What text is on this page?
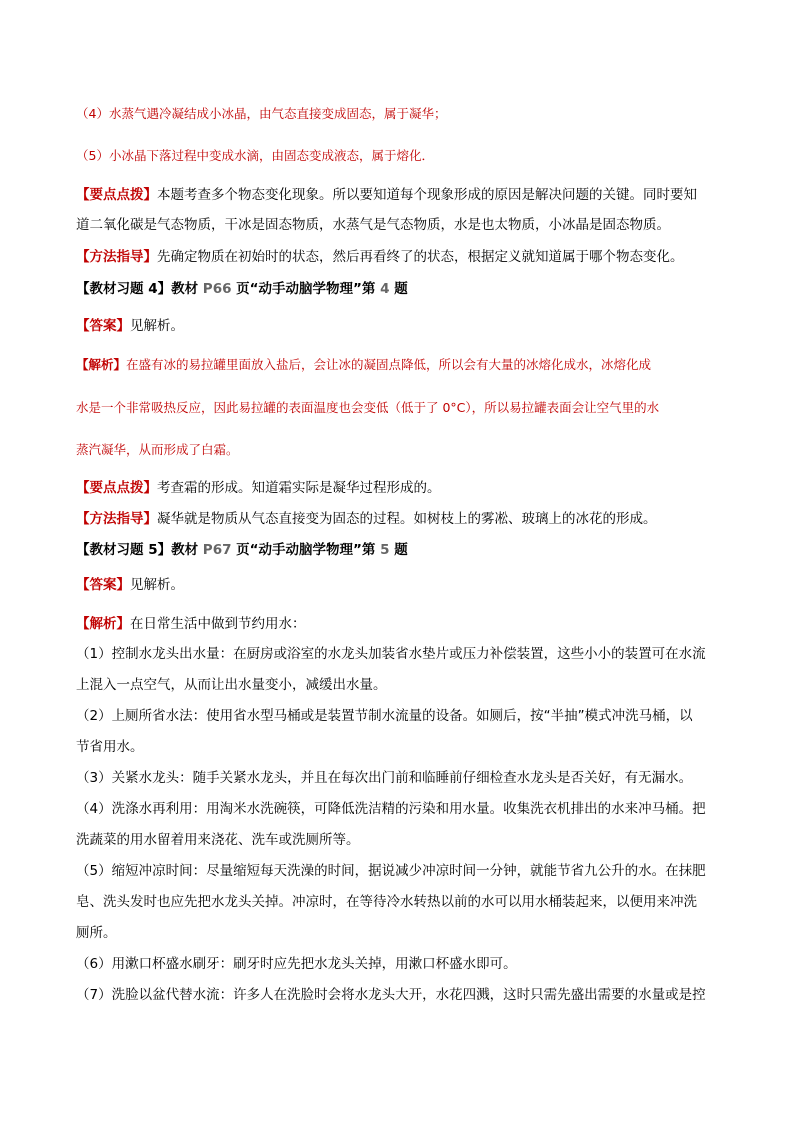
（4）水蒸气遇冷凝结成小冰晶，由气态直接变成固态，属于凝华；
（5）小冰晶下落过程中变成水滴，由固态变成液态，属于熔化．
【要点点拨】本题考查多个物态变化现象。所以要知道每个现象形成的原因是解决问题的关键。同时要知
道二氧化碳是气态物质，干冰是固态物质，水蒸气是气态物质，水是也太物质，小冰晶是固态物质。
【方法指导】先确定物质在初始时的状态，然后再看终了的状态，根据定义就知道属于哪个物态变化。
【教材习题 4】教材 P66 页“动手动脑学物理”第 4 题
【答案】见解析。
【解析】在盛有冰的易拉罐里面放入盐后，会让冰的凝固点降低，所以会有大量的冰熔化成水，冰熔化成
水是一个非常吸热反应，因此易拉罐的表面温度也会变低（低于了 0°C），所以易拉罐表面会让空气里的水
蒸汽凝华，从而形成了白霜。
【要点点拨】考查霜的形成。知道霜实际是凝华过程形成的。
【方法指导】凝华就是物质从气态直接变为固态的过程。如树枝上的雾凇、玻璃上的冰花的形成。
【教材习题 5】教材 P67 页“动手动脑学物理”第 5 题
【答案】见解析。
【解析】在日常生活中做到节约用水：
（1）控制水龙头出水量：在厨房或浴室的水龙头加装省水垫片或压力补偿装置，这些小小的装置可在水流
上混入一点空气，从而让出水量变小，减缓出水量。
（2）上厕所省水法：使用省水型马桶或是装置节制水流量的设备。如厕后，按“半抽”模式冲洗马桶，以
节省用水。
（3）关紧水龙头：随手关紧水龙头，并且在每次出门前和临睡前仔细检查水龙头是否关好，有无漏水。
（4）洗涤水再利用：用淘米水洗碗筷，可降低洗洁精的污染和用水量。收集洗衣机排出的水来冲马桶。把
洗蔬菜的用水留着用来浇花、洗车或洗厕所等。
（5）缩短冲凉时间：尽量缩短每天洗澡的时间，据说减少冲凉时间一分钟，就能节省九公升的水。在抹肥
皂、洗头发时也应先把水龙头关掉。冲凉时，在等待冷水转热以前的水可以用水桶装起来，以便用来冲洗
厕所。
（6）用漱口杯盛水刷牙：刷牙时应先把水龙头关掉，用漱口杯盛水即可。
（7）洗脸以盆代替水流：许多人在洗脸时会将水龙头大开，水花四溅，这时只需先盛出需要的水量或是控
